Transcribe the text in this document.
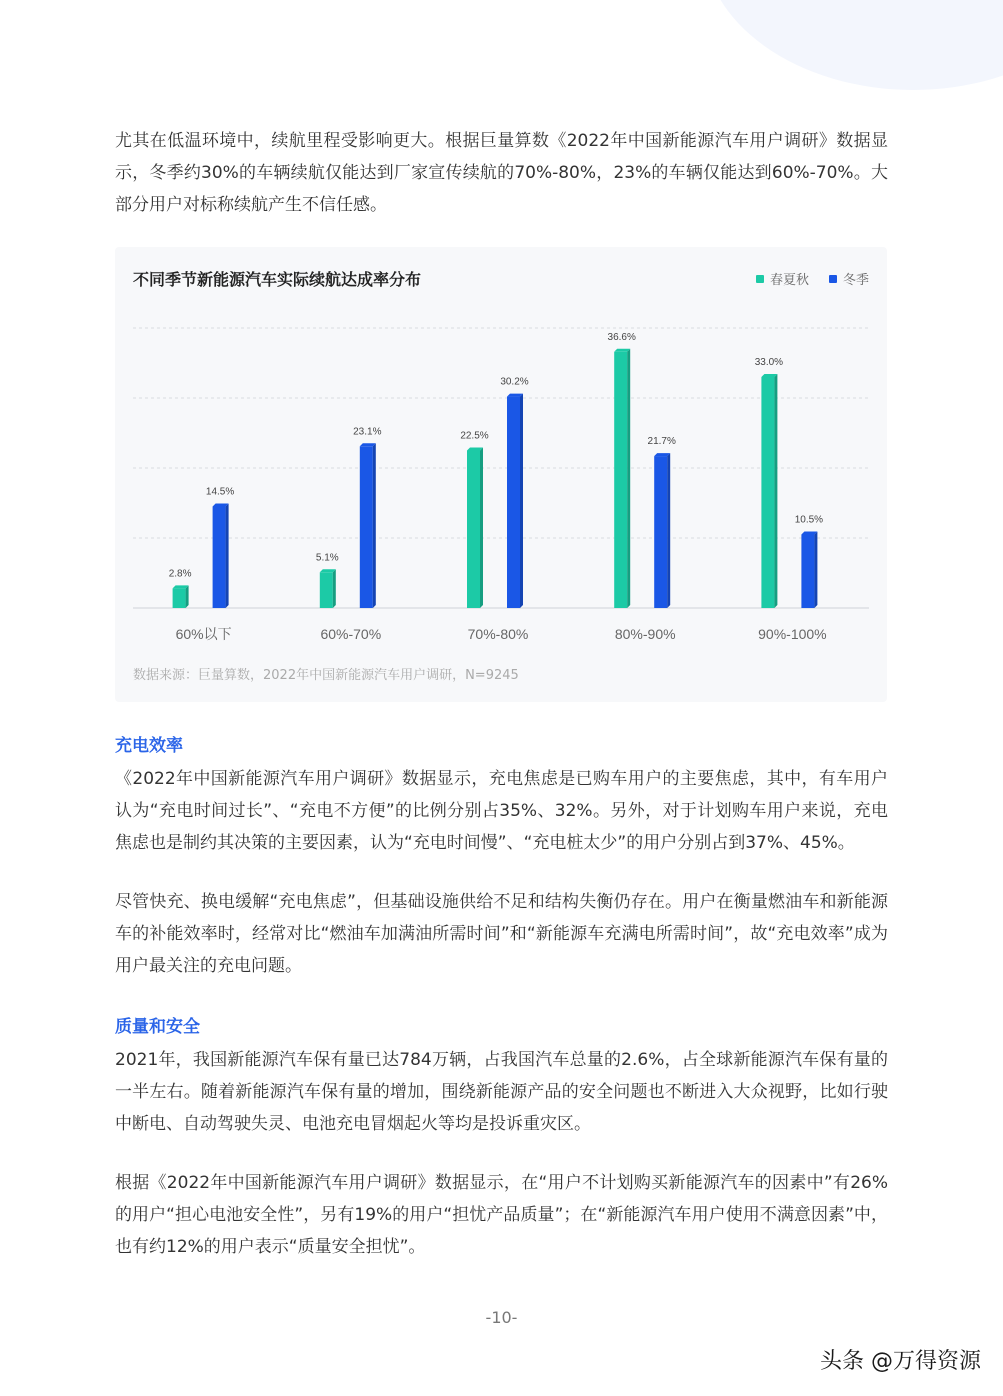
尤其在低温环境中，续航里程受影响更大。根据巨量算数《2022年中国新能源汽车用户调研》数据显示，冬季约30%的车辆续航仅能达到厂家宣传续航的70%-80%，23%的车辆仅能达到60%-70%。大部分用户对标称续航产生不信任感。

不同季节新能源汽车实际续航达成率分布	春夏秋	冬季
2.8%
14.5%
60%以下
5.1%
23.1%
60%-70%
22.5%
30.2%
70%-80%
36.6%
21.7%
80%-90%
33.0%
10.5%
90%-100%
数据来源：巨量算数，2022年中国新能源汽车用户调研，N=9245
充电效率

《2022年中国新能源汽车用户调研》数据显示，充电焦虑是已购车用户的主要焦虑，其中，有车用户认为“充电时间过长”、“充电不方便”的比例分别占35%、32%。另外，对于计划购车用户来说，充电焦虑也是制约其决策的主要因素，认为“充电时间慢”、“充电桩太少”的用户分别占到37%、45%。

尽管快充、换电缓解“充电焦虑”，但基础设施供给不足和结构失衡仍存在。用户在衡量燃油车和新能源车的补能效率时，经常对比“燃油车加满油所需时间”和“新能源车充满电所需时间”，故“充电效率”成为用户最关注的充电问题。

质量和安全

2021年，我国新能源汽车保有量已达784万辆，占我国汽车总量的2.6%，占全球新能源汽车保有量的一半左右。随着新能源汽车保有量的增加，围绕新能源产品的安全问题也不断进入大众视野，比如行驶中断电、自动驾驶失灵、电池充电冒烟起火等均是投诉重灾区。

根据《2022年中国新能源汽车用户调研》数据显示，在“用户不计划购买新能源汽车的因素中”有26%的用户“担心电池安全性”，另有19%的用户“担忧产品质量”；在“新能源汽车用户使用不满意因素”中，也有约12%的用户表示“质量安全担忧”。

-10-
头条 @万得资源
